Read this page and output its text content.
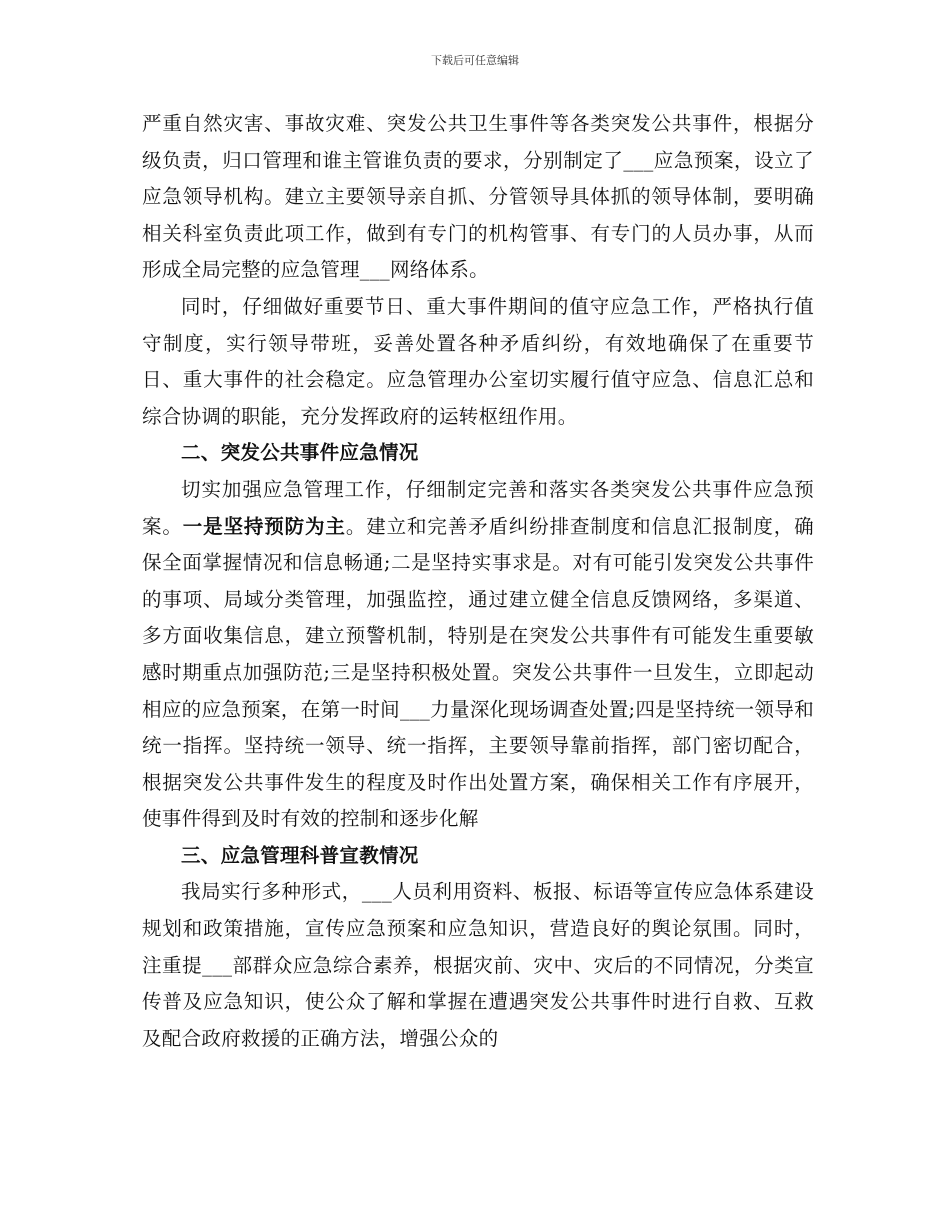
下载后可任意编辑

严重自然灾害、事故灾难、突发公共卫生事件等各类突发公共事件，根据分级负责，归口管理和谁主管谁负责的要求，分别制定了___应急预案，设立了应急领导机构。建立主要领导亲自抓、分管领导具体抓的领导体制，要明确相关科室负责此项工作，做到有专门的机构管事、有专门的人员办事，从而形成全局完整的应急管理___网络体系。

同时，仔细做好重要节日、重大事件期间的值守应急工作，严格执行值守制度，实行领导带班，妥善处置各种矛盾纠纷，有效地确保了在重要节日、重大事件的社会稳定。应急管理办公室切实履行值守应急、信息汇总和综合协调的职能，充分发挥政府的运转枢纽作用。

二、突发公共事件应急情况

切实加强应急管理工作，仔细制定完善和落实各类突发公共事件应急预案。一是坚持预防为主。建立和完善矛盾纠纷排查制度和信息汇报制度，确保全面掌握情况和信息畅通;二是坚持实事求是。对有可能引发突发公共事件的事项、局域分类管理，加强监控，通过建立健全信息反馈网络，多渠道、多方面收集信息，建立预警机制，特别是在突发公共事件有可能发生重要敏感时期重点加强防范;三是坚持积极处置。突发公共事件一旦发生，立即起动相应的应急预案，在第一时间___力量深化现场调查处置;四是坚持统一领导和统一指挥。坚持统一领导、统一指挥，主要领导靠前指挥，部门密切配合，根据突发公共事件发生的程度及时作出处置方案，确保相关工作有序展开，使事件得到及时有效的控制和逐步化解

三、应急管理科普宣教情况

我局实行多种形式，___人员利用资料、板报、标语等宣传应急体系建设规划和政策措施，宣传应急预案和应急知识，营造良好的舆论氛围。同时，注重提___部群众应急综合素养，根据灾前、灾中、灾后的不同情况，分类宣传普及应急知识，使公众了解和掌握在遭遇突发公共事件时进行自救、互救及配合政府救援的正确方法，增强公众的
